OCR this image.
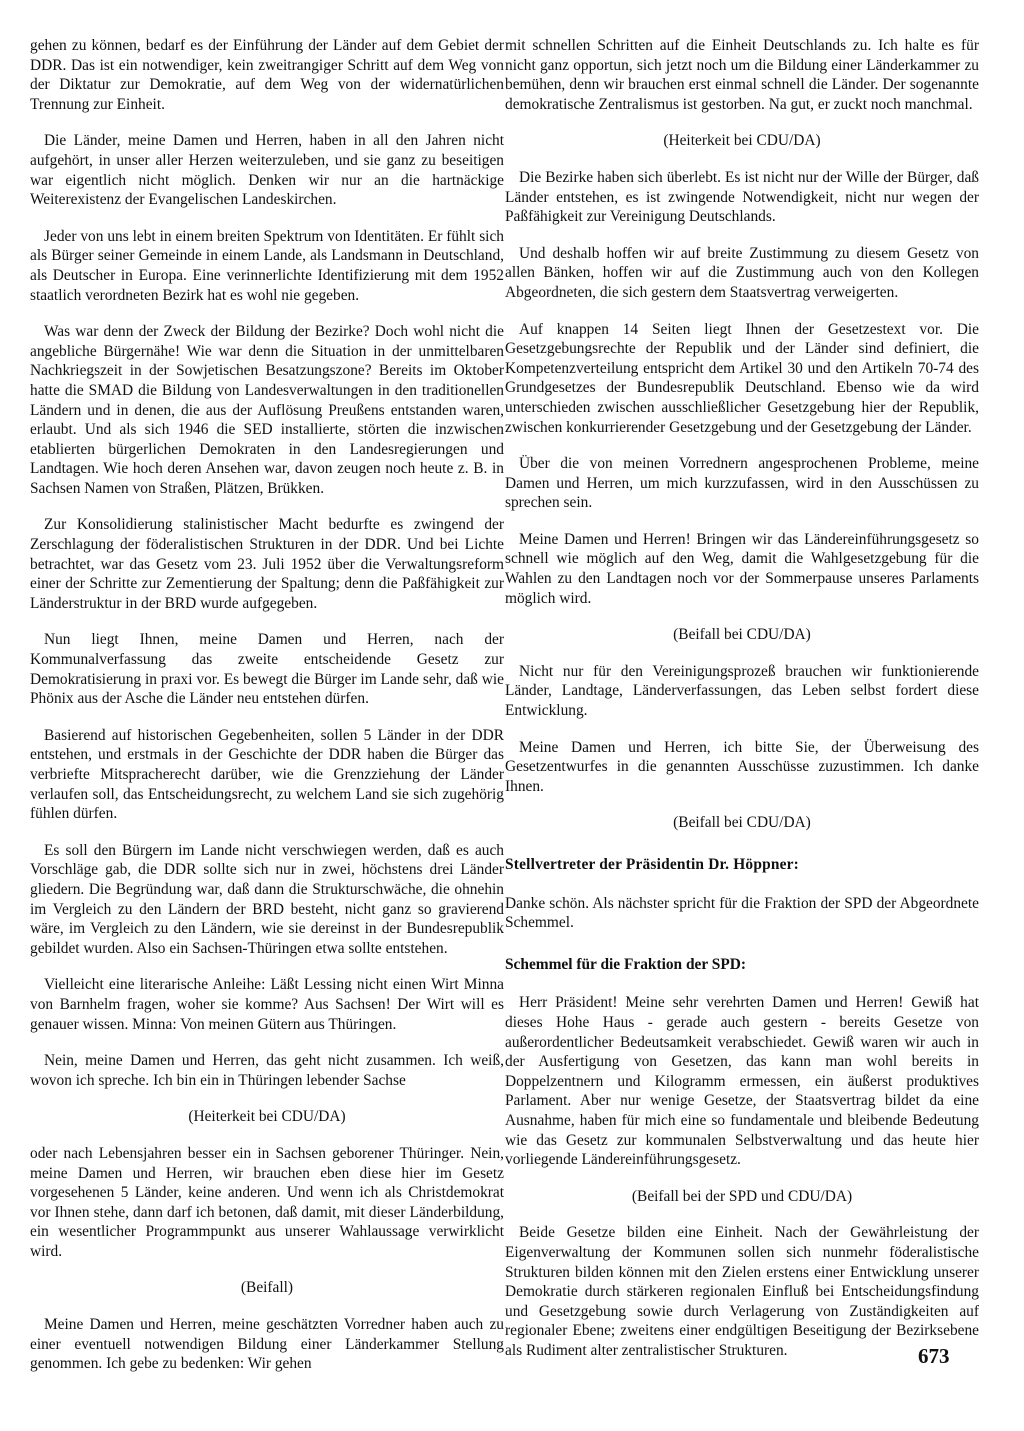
gehen zu können, bedarf es der Einführung der Länder auf dem Gebiet der DDR. Das ist ein notwendiger, kein zweitrangiger Schritt auf dem Weg von der Diktatur zur Demokratie, auf dem Weg von der widernatürlichen Trennung zur Einheit.

Die Länder, meine Damen und Herren, haben in all den Jahren nicht aufgehört, in unser aller Herzen weiterzuleben, und sie ganz zu beseitigen war eigentlich nicht möglich. Denken wir nur an die hartnäckige Weiterexistenz der Evangelischen Landeskirchen.

Jeder von uns lebt in einem breiten Spektrum von Identitäten. Er fühlt sich als Bürger seiner Gemeinde in einem Lande, als Landsmann in Deutschland, als Deutscher in Europa. Eine verinnerlichte Identifizierung mit dem 1952 staatlich verordneten Bezirk hat es wohl nie gegeben.

Was war denn der Zweck der Bildung der Bezirke? Doch wohl nicht die angebliche Bürgernähe! Wie war denn die Situation in der unmittelbaren Nachkriegszeit in der Sowjetischen Besatzungszone? Bereits im Oktober hatte die SMAD die Bildung von Landesverwaltungen in den traditionellen Ländern und in denen, die aus der Auflösung Preußens entstanden waren, erlaubt. Und als sich 1946 die SED installierte, störten die inzwischen etablierten bürgerlichen Demokraten in den Landesregierungen und Landtagen. Wie hoch deren Ansehen war, davon zeugen noch heute z. B. in Sachsen Namen von Straßen, Plätzen, Brükken.

Zur Konsolidierung stalinistischer Macht bedurfte es zwingend der Zerschlagung der föderalistischen Strukturen in der DDR. Und bei Lichte betrachtet, war das Gesetz vom 23. Juli 1952 über die Verwaltungsreform einer der Schritte zur Zementierung der Spaltung; denn die Paßfähigkeit zur Länderstruktur in der BRD wurde aufgegeben.

Nun liegt Ihnen, meine Damen und Herren, nach der Kommunalverfassung das zweite entscheidende Gesetz zur Demokratisierung in praxi vor. Es bewegt die Bürger im Lande sehr, daß wie Phönix aus der Asche die Länder neu entstehen dürfen.

Basierend auf historischen Gegebenheiten, sollen 5 Länder in der DDR entstehen, und erstmals in der Geschichte der DDR haben die Bürger das verbriefte Mitspracherecht darüber, wie die Grenzziehung der Länder verlaufen soll, das Entscheidungsrecht, zu welchem Land sie sich zugehörig fühlen dürfen.

Es soll den Bürgern im Lande nicht verschwiegen werden, daß es auch Vorschläge gab, die DDR sollte sich nur in zwei, höchstens drei Länder gliedern. Die Begründung war, daß dann die Strukturschwäche, die ohnehin im Vergleich zu den Ländern der BRD besteht, nicht ganz so gravierend wäre, im Vergleich zu den Ländern, wie sie dereinst in der Bundesrepublik gebildet wurden. Also ein Sachsen-Thüringen etwa sollte entstehen.

Vielleicht eine literarische Anleihe: Läßt Lessing nicht einen Wirt Minna von Barnhelm fragen, woher sie komme? Aus Sachsen! Der Wirt will es genauer wissen. Minna: Von meinen Gütern aus Thüringen.

Nein, meine Damen und Herren, das geht nicht zusammen. Ich weiß, wovon ich spreche. Ich bin ein in Thüringen lebender Sachse

(Heiterkeit bei CDU/DA)

oder nach Lebensjahren besser ein in Sachsen geborener Thüringer. Nein, meine Damen und Herren, wir brauchen eben diese hier im Gesetz vorgesehenen 5 Länder, keine anderen. Und wenn ich als Christdemokrat vor Ihnen stehe, dann darf ich betonen, daß damit, mit dieser Länderbildung, ein wesentlicher Programmpunkt aus unserer Wahlaussage verwirklicht wird.

(Beifall)

Meine Damen und Herren, meine geschätzten Vorredner haben auch zu einer eventuell notwendigen Bildung einer Länderkammer Stellung genommen. Ich gebe zu bedenken: Wir gehen

mit schnellen Schritten auf die Einheit Deutschlands zu. Ich halte es für nicht ganz opportun, sich jetzt noch um die Bildung einer Länderkammer zu bemühen, denn wir brauchen erst einmal schnell die Länder. Der sogenannte demokratische Zentralismus ist gestorben. Na gut, er zuckt noch manchmal.

(Heiterkeit bei CDU/DA)

Die Bezirke haben sich überlebt. Es ist nicht nur der Wille der Bürger, daß Länder entstehen, es ist zwingende Notwendigkeit, nicht nur wegen der Paßfähigkeit zur Vereinigung Deutschlands.

Und deshalb hoffen wir auf breite Zustimmung zu diesem Gesetz von allen Bänken, hoffen wir auf die Zustimmung auch von den Kollegen Abgeordneten, die sich gestern dem Staatsvertrag verweigerten.

Auf knappen 14 Seiten liegt Ihnen der Gesetzestext vor. Die Gesetzgebungsrechte der Republik und der Länder sind definiert, die Kompetenzverteilung entspricht dem Artikel 30 und den Artikeln 70-74 des Grundgesetzes der Bundesrepublik Deutschland. Ebenso wie da wird unterschieden zwischen ausschließlicher Gesetzgebung hier der Republik, zwischen konkurrierender Gesetzgebung und der Gesetzgebung der Länder.

Über die von meinen Vorrednern angesprochenen Probleme, meine Damen und Herren, um mich kurzzufassen, wird in den Ausschüssen zu sprechen sein.

Meine Damen und Herren! Bringen wir das Ländereinführungsgesetz so schnell wie möglich auf den Weg, damit die Wahlgesetzgebung für die Wahlen zu den Landtagen noch vor der Sommerpause unseres Parlaments möglich wird.

(Beifall bei CDU/DA)

Nicht nur für den Vereinigungsprozeß brauchen wir funktionierende Länder, Landtage, Länderverfassungen, das Leben selbst fordert diese Entwicklung.

Meine Damen und Herren, ich bitte Sie, der Überweisung des Gesetzentwurfes in die genannten Ausschüsse zuzustimmen. Ich danke Ihnen.

(Beifall bei CDU/DA)

Stellvertreter der Präsidentin Dr. Höppner:

Danke schön. Als nächster spricht für die Fraktion der SPD der Abgeordnete Schemmel.

Schemmel für die Fraktion der SPD:

Herr Präsident! Meine sehr verehrten Damen und Herren! Gewiß hat dieses Hohe Haus - gerade auch gestern - bereits Gesetze von außerordentlicher Bedeutsamkeit verabschiedet. Gewiß waren wir auch in der Ausfertigung von Gesetzen, das kann man wohl bereits in Doppelzentnern und Kilogramm ermessen, ein äußerst produktives Parlament. Aber nur wenige Gesetze, der Staatsvertrag bildet da eine Ausnahme, haben für mich eine so fundamentale und bleibende Bedeutung wie das Gesetz zur kommunalen Selbstverwaltung und das heute hier vorliegende Ländereinführungsgesetz.

(Beifall bei der SPD und CDU/DA)

Beide Gesetze bilden eine Einheit. Nach der Gewährleistung der Eigenverwaltung der Kommunen sollen sich nunmehr föderalistische Strukturen bilden können mit den Zielen erstens einer Entwicklung unserer Demokratie durch stärkeren regionalen Einfluß bei Entscheidungsfindung und Gesetzgebung sowie durch Verlagerung von Zuständigkeiten auf regionaler Ebene; zweitens einer endgültigen Beseitigung der Bezirksebene als Rudiment alter zentralistischer Strukturen.	673
